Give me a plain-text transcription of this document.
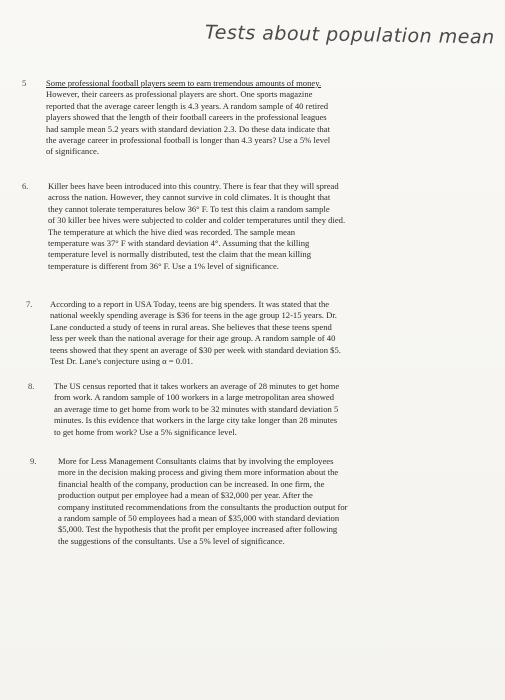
Tests about population mean
5 Some professional football players seem to earn tremendous amounts of money.
However, their careers as professional players are short. One sports magazine
reported that the average career length is 4.3 years. A random sample of 40 retired
players showed that the length of their football careers in the professional leagues
had sample mean 5.2 years with standard deviation 2.3. Do these data indicate that
the average career in professional football is longer than 4.3 years? Use a 5% level
of significance.
6. Killer bees have been introduced into this country. There is fear that they will spread
across the nation. However, they cannot survive in cold climates. It is thought that
they cannot tolerate temperatures below 36° F. To test this claim a random sample
of 30 killer bee hives were subjected to colder and colder temperatures until they died.
The temperature at which the hive died was recorded. The sample mean
temperature was 37° F with standard deviation 4°. Assuming that the killing
temperature level is normally distributed, test the claim that the mean killing
temperature is different from 36° F. Use a 1% level of significance.
7. According to a report in USA Today, teens are big spenders. It was stated that the
national weekly spending average is $36 for teens in the age group 12-15 years. Dr.
Lane conducted a study of teens in rural areas. She believes that these teens spend
less per week than the national average for their age group. A random sample of 40
teens showed that they spent an average of $30 per week with standard deviation $5.
Test Dr. Lane's conjecture using α = 0.01.
8. The US census reported that it takes workers an average of 28 minutes to get home
from work. A random sample of 100 workers in a large metropolitan area showed
an average time to get home from work to be 32 minutes with standard deviation 5
minutes. Is this evidence that workers in the large city take longer than 28 minutes
to get home from work? Use a 5% significance level.
9.	More for Less Management Consultants claims that by involving the employees
more in the decision making process and giving them more information about the
financial health of the company, production can be increased. In one firm, the
production output per employee had a mean of $32,000 per year. After the
company instituted recommendations from the consultants the production output for
a random sample of 50 employees had a mean of $35,000 with standard deviation
$5,000. Test the hypothesis that the profit per employee increased after following
the suggestions of the consultants. Use a 5% level of significance.
